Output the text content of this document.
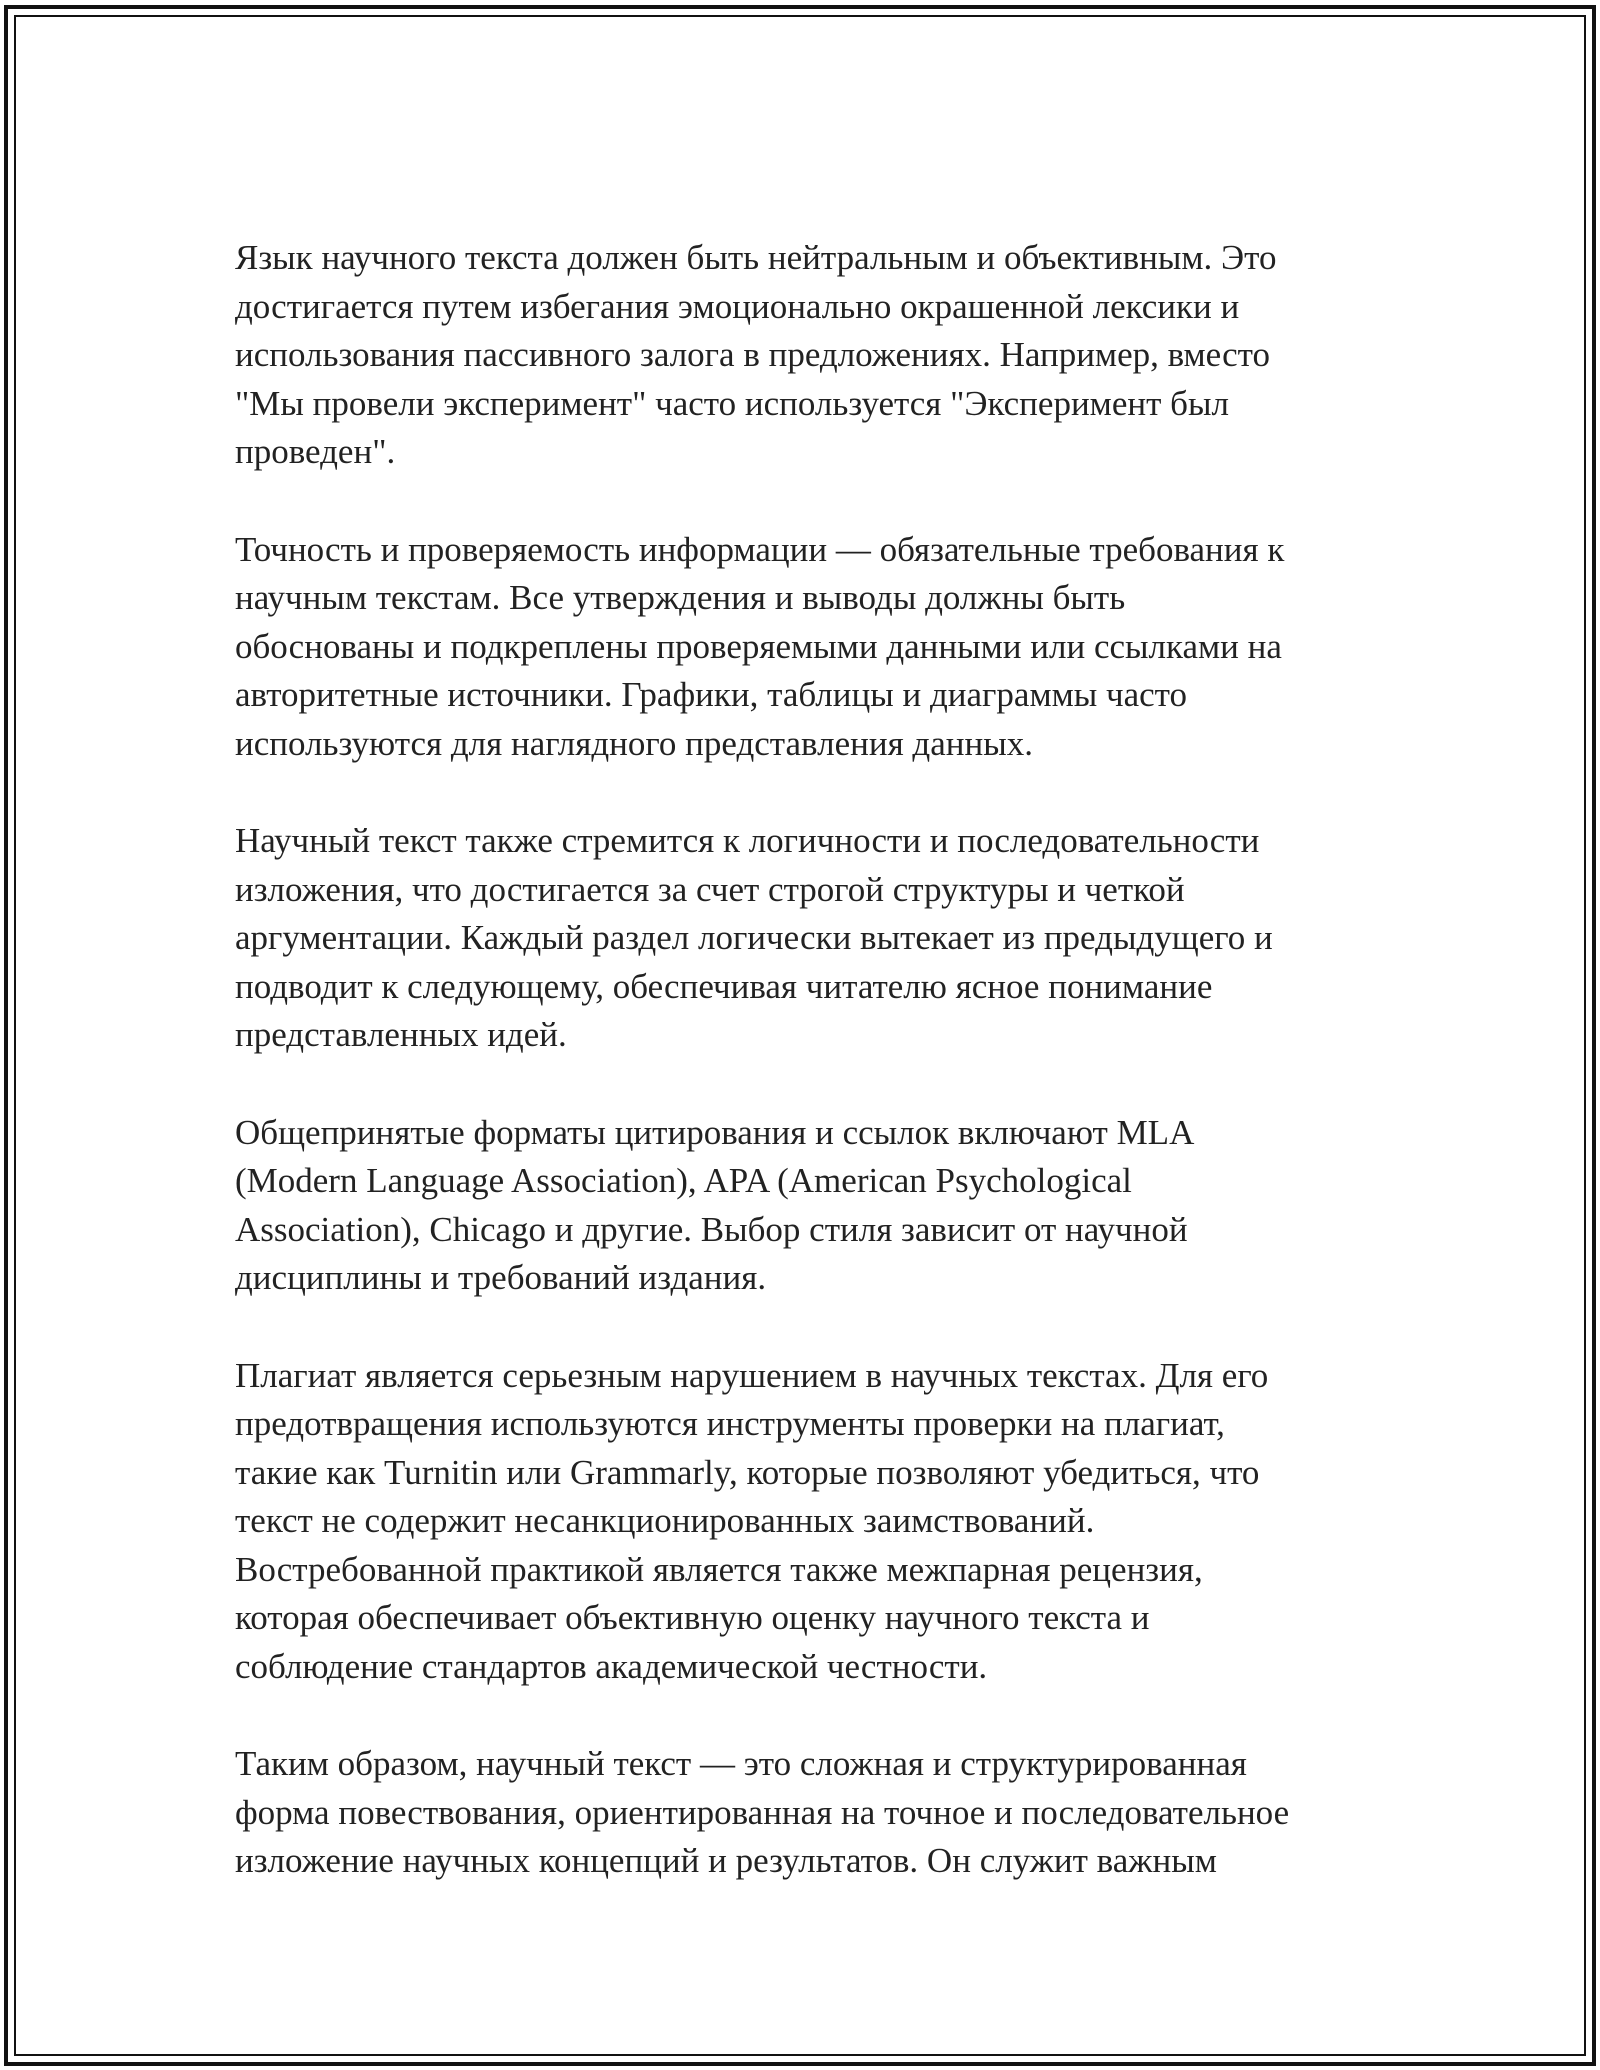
Язык научного текста должен быть нейтральным и объективным. Это
достигается путем избегания эмоционально окрашенной лексики и
использования пассивного залога в предложениях. Например, вместо
"Мы провели эксперимент" часто используется "Эксперимент был
проведен".

Точность и проверяемость информации — обязательные требования к
научным текстам. Все утверждения и выводы должны быть
обоснованы и подкреплены проверяемыми данными или ссылками на
авторитетные источники. Графики, таблицы и диаграммы часто
используются для наглядного представления данных.

Научный текст также стремится к логичности и последовательности
изложения, что достигается за счет строгой структуры и четкой
аргументации. Каждый раздел логически вытекает из предыдущего и
подводит к следующему, обеспечивая читателю ясное понимание
представленных идей.

Общепринятые форматы цитирования и ссылок включают MLA
(Modern Language Association), APA (American Psychological
Association), Chicago и другие. Выбор стиля зависит от научной
дисциплины и требований издания.

Плагиат является серьезным нарушением в научных текстах. Для его
предотвращения используются инструменты проверки на плагиат,
такие как Turnitin или Grammarly, которые позволяют убедиться, что
текст не содержит несанкционированных заимствований.
Востребованной практикой является также межпарная рецензия,
которая обеспечивает объективную оценку научного текста и
соблюдение стандартов академической честности.

Таким образом, научный текст — это сложная и структурированная
форма повествования, ориентированная на точное и последовательное
изложение научных концепций и результатов. Он служит важным
